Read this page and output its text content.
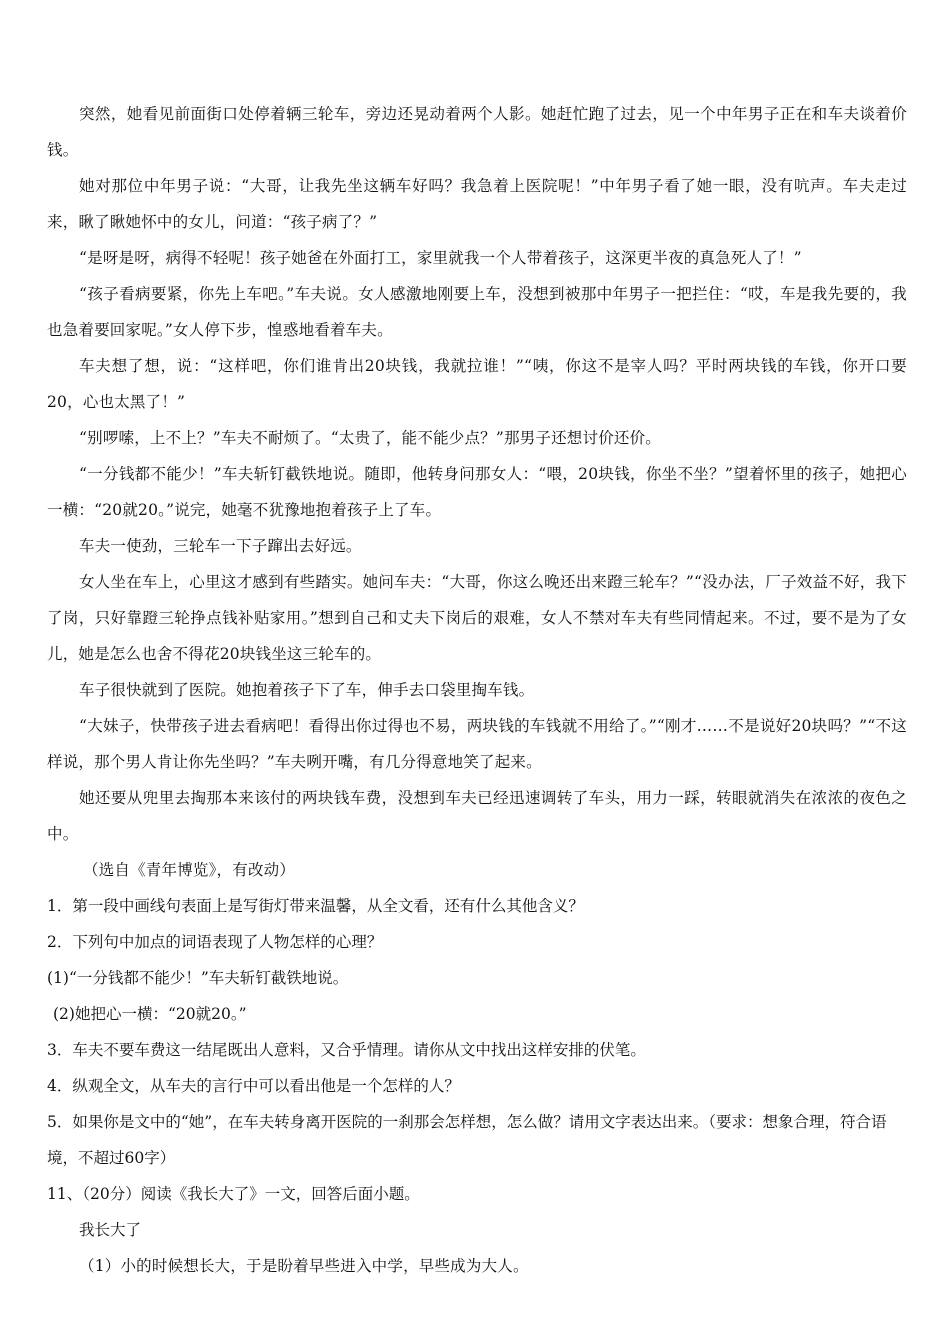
突然，她看见前面街口处停着辆三轮车，旁边还晃动着两个人影。她赶忙跑了过去，见一个中年男子正在和车夫谈着价钱。

她对那位中年男子说：“大哥，让我先坐这辆车好吗？我急着上医院呢！”中年男子看了她一眼，没有吭声。车夫走过来，瞅了瞅她怀中的女儿，问道：“孩子病了？”

“是呀是呀，病得不轻呢！孩子她爸在外面打工，家里就我一个人带着孩子，这深更半夜的真急死人了！”

“孩子看病要紧，你先上车吧。”车夫说。女人感激地刚要上车，没想到被那中年男子一把拦住：“哎，车是我先要的，我也急着要回家呢。”女人停下步，惶惑地看着车夫。

车夫想了想，说：“这样吧，你们谁肯出20块钱，我就拉谁！”“咦，你这不是宰人吗？平时两块钱的车钱，你开口要20，心也太黑了！”

“别啰嗦，上不上？”车夫不耐烦了。“太贵了，能不能少点？”那男子还想讨价还价。

“一分钱都不能少！”车夫斩钉截铁地说。随即，他转身问那女人：“喂，20块钱，你坐不坐？”望着怀里的孩子，她把心一横：“20就20。”说完，她毫不犹豫地抱着孩子上了车。

车夫一使劲，三轮车一下子蹿出去好远。

女人坐在车上，心里这才感到有些踏实。她问车夫：“大哥，你这么晚还出来蹬三轮车？”“没办法，厂子效益不好，我下了岗，只好靠蹬三轮挣点钱补贴家用。”想到自己和丈夫下岗后的艰难，女人不禁对车夫有些同情起来。不过，要不是为了女儿，她是怎么也舍不得花20块钱坐这三轮车的。

车子很快就到了医院。她抱着孩子下了车，伸手去口袋里掏车钱。

“大妹子，快带孩子进去看病吧！看得出你过得也不易，两块钱的车钱就不用给了。”“刚才……不是说好20块吗？”“不这样说，那个男人肯让你先坐吗？”车夫咧开嘴，有几分得意地笑了起来。

她还要从兜里去掏那本来该付的两块钱车费，没想到车夫已经迅速调转了车头，用力一踩，转眼就消失在浓浓的夜色之中。

（选自《青年博览》，有改动）

1．第一段中画线句表面上是写街灯带来温馨，从全文看，还有什么其他含义？

2．下列句中加点的词语表现了人物怎样的心理？

(1)“一分钱都不能少！”车夫斩钉截铁地说。

(2)她把心一横：“20就20。”

3．车夫不要车费这一结尾既出人意料，又合乎情理。请你从文中找出这样安排的伏笔。

4．纵观全文，从车夫的言行中可以看出他是一个怎样的人？

5．如果你是文中的“她”，在车夫转身离开医院的一刹那会怎样想，怎么做？请用文字表达出来。（要求：想象合理，符合语境，不超过60字）

11、（20分）阅读《我长大了》一文，回答后面小题。

我长大了

（1）小的时候想长大，于是盼着早些进入中学，早些成为大人。
